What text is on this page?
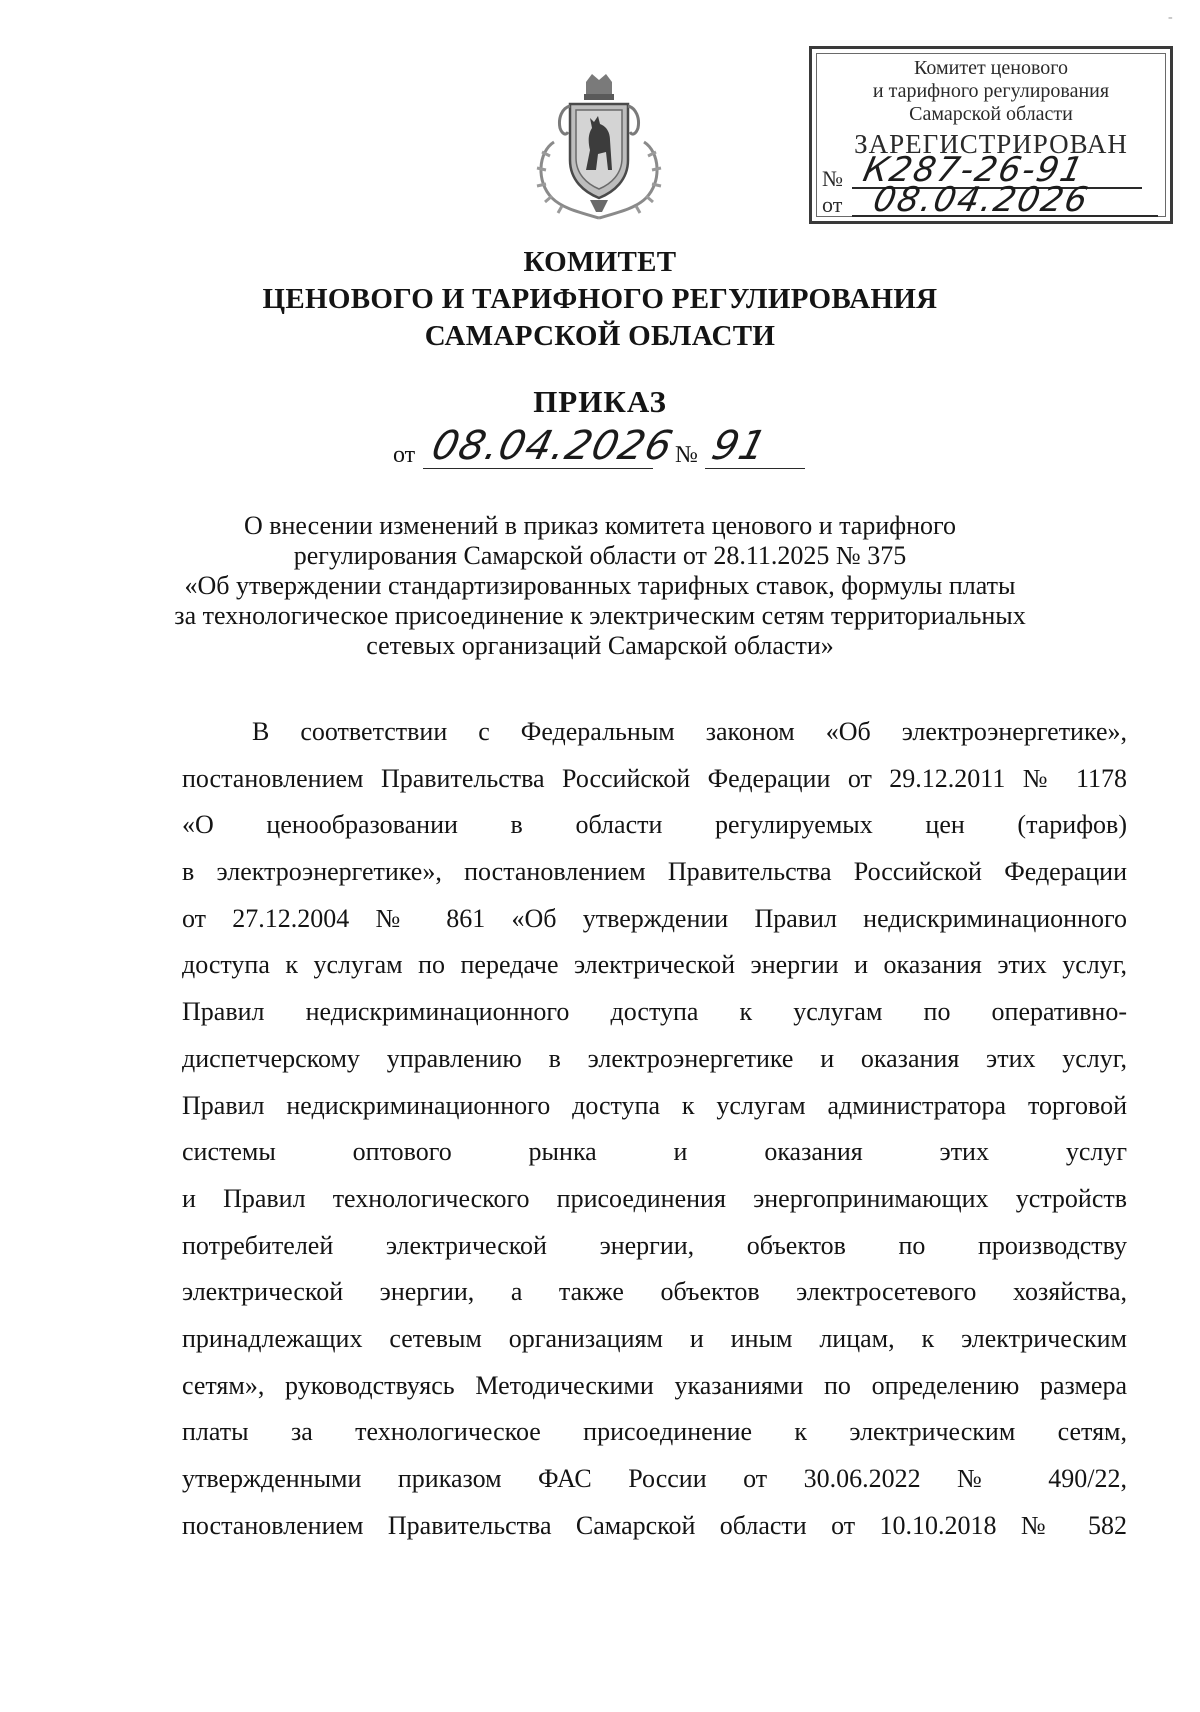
-
Комитет ценового
и тарифного регулирования
Самарской области
ЗАРЕГИСТРИРОВАН
№ К287-26-91
от 08.04.2026
КОМИТЕТ
ЦЕНОВОГО И ТАРИФНОГО РЕГУЛИРОВАНИЯ
САМАРСКОЙ ОБЛАСТИ
ПРИКАЗ
от 08.04.2026
№ 91
О внесении изменений в приказ комитета ценового и тарифного
регулирования Самарской области от 28.11.2025 № 375
«Об утверждении стандартизированных тарифных ставок, формулы платы
за технологическое присоединение к электрическим сетям территориальных
сетевых организаций Самарской области»
В соответствии с Федеральным законом «Об электроэнергетике»,
постановлением Правительства Российской Федерации от 29.12.2011 № 1178
«О ценообразовании в области регулируемых цен (тарифов)
в электроэнергетике», постановлением Правительства Российской Федерации
от 27.12.2004 № 861 «Об утверждении Правил недискриминационного
доступа к услугам по передаче электрической энергии и оказания этих услуг,
Правил недискриминационного доступа к услугам по оперативно-
диспетчерскому управлению в электроэнергетике и оказания этих услуг,
Правил недискриминационного доступа к услугам администратора торговой
системы оптового рынка и оказания этих услуг
и Правил технологического присоединения энергопринимающих устройств
потребителей электрической энергии, объектов по производству
электрической энергии, а также объектов электросетевого хозяйства,
принадлежащих сетевым организациям и иным лицам, к электрическим
сетям», руководствуясь Методическими указаниями по определению размера
платы за технологическое присоединение к электрическим сетям,
утвержденными приказом ФАС России от 30.06.2022 № 490/22,
постановлением Правительства Самарской области от 10.10.2018 № 582
